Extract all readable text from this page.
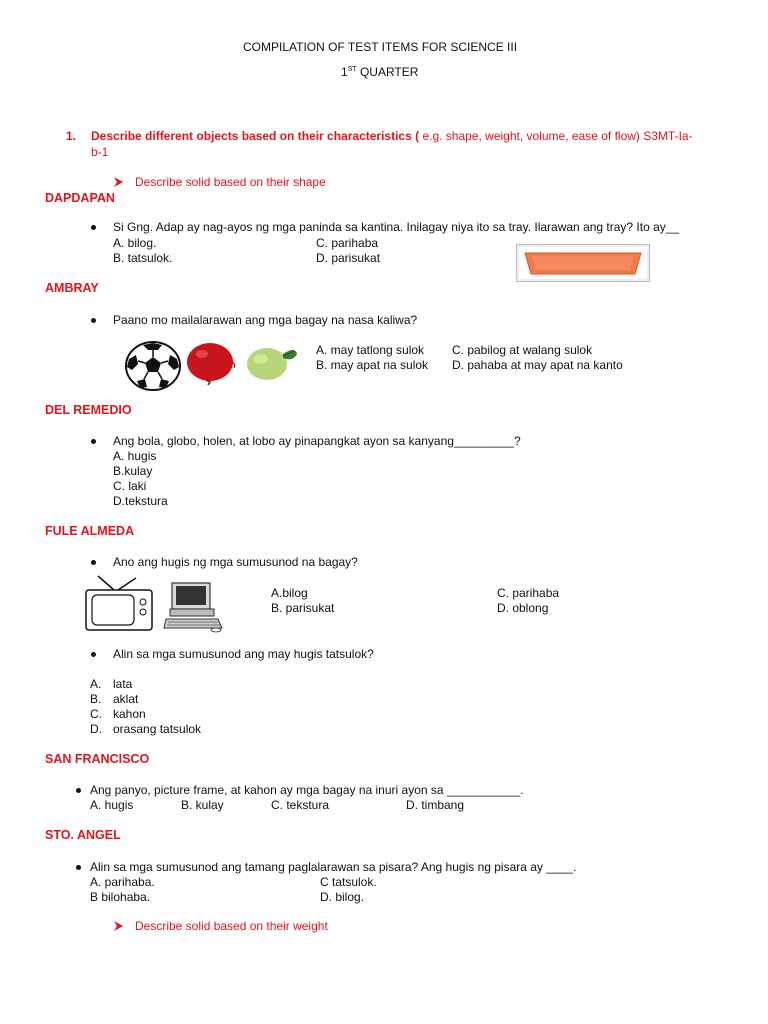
COMPILATION OF TEST ITEMS FOR SCIENCE III
1ST QUARTER
1. Describe different objects based on their characteristics ( e.g. shape, weight, volume, ease of flow) S3MT-Ia-
b-1
Describe solid based on their shape
DAPDAPAN
Si Gng. Adap ay nag-ayos ng mga paninda sa kantina. Inilagay niya ito sa tray. Ilarawan ang tray? Ito ay__
A. bilog.	C. parihaba
B. tatsulok.	D. parisukat
AMBRAY
Paano mo mailalarawan ang mga bagay na nasa kaliwa?
A. may tatlong sulok C. pabilog at walang sulok
B. may apat na sulok D. pahaba at may apat na kanto
DEL REMEDIO
Ang bola, globo, holen, at lobo ay pinapangkat ayon sa kanyang_________?
A. hugis
B.kulay
C. laki
D.tekstura
FULE ALMEDA
Ano ang hugis ng mga sumusunod na bagay?
A.bilog	C. parihaba
B. parisukat	D. oblong
Alin sa mga sumusunod ang may hugis tatsulok?
A. lata
B. aklat
C. kahon
D. orasang tatsulok
SAN FRANCISCO
Ang panyo, picture frame, at kahon ay mga bagay na inuri ayon sa ___________.
A. hugis	B. kulay	C. tekstura	D. timbang
STO. ANGEL
Alin sa mga sumusunod ang tamang paglalarawan sa pisara? Ang hugis ng pisara ay ____.
A. parihaba.	C tatsulok.
B bilohaba.	D. bilog.
Describe solid based on their weight
